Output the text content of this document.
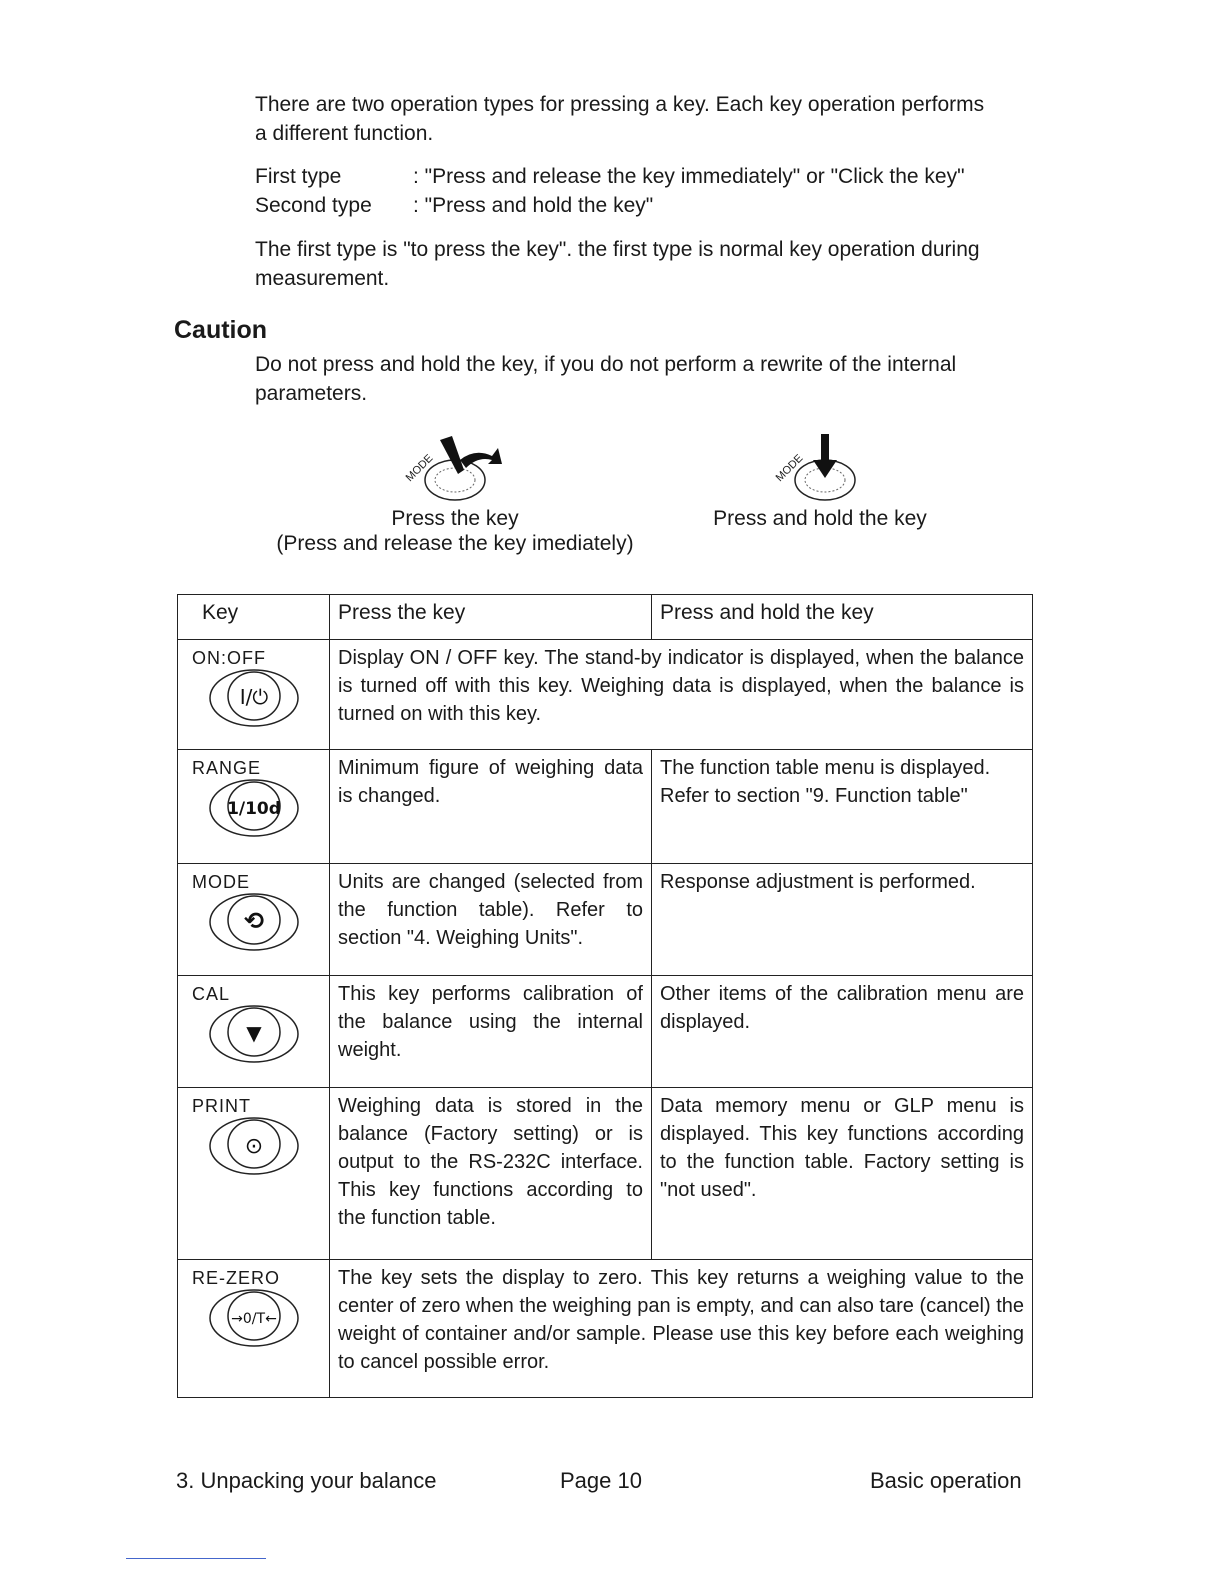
There are two operation types for pressing a key. Each key operation performs a different function.
First type	: "Press and release the key immediately" or "Click the key"
Second type	: "Press and hold the key"
The first type is "to press the key". the first type is normal key operation during measurement.
Caution
Do not press and hold the key, if you do not perform a rewrite of the internal parameters.
MODE
Press the key
(Press and release the key imediately)
MODE
Press and hold the key
Key	Press the key	Press and hold the key

ON:OFF
I/⏻	Display ON / OFF key. The stand-by indicator is displayed, when the balance is turned off with this key. Weighing data is displayed, when the balance is turned on with this key.	

RANGE
1/10d	Minimum figure of weighing data is changed.	The function table menu is displayed. Refer to section "9. Function table"

MODE
⟲	Units are changed (selected from the function table). Refer to section "4. Weighing Units".	Response adjustment is performed.

CAL
▼	This key performs calibration of the balance using the internal weight.	Other items of the calibration menu are displayed.

PRINT
⊙	Weighing data is stored in the balance (Factory setting) or is output to the RS-232C interface. This key functions according to the function table.	Data memory menu or GLP menu is displayed. This key functions according to the function table. Factory setting is "not used".

RE-ZERO
→0/T←	The key sets the display to zero. This key returns a weighing value to the center of zero when the weighing pan is empty, and can also tare (cancel) the weight of container and/or sample. Please use this key before each weighing to cancel possible error.	
3. Unpacking your balance	Page 10	Basic operation
